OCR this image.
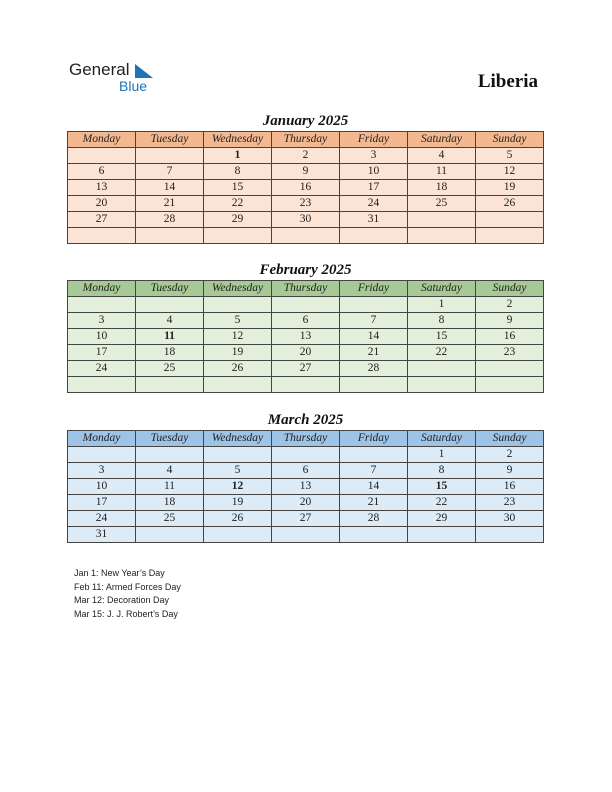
General
Blue	Liberia
January 2025
Monday	Tuesday	Wednesday	Thursday	Friday	Saturday	Sunday
		1	2	3	4	5
6	7	8	9	10	11	12
13	14	15	16	17	18	19
20	21	22	23	24	25	26
27	28	29	30	31		

February 2025
Monday	Tuesday	Wednesday	Thursday	Friday	Saturday	Sunday
					1	2
3	4	5	6	7	8	9
10	11	12	13	14	15	16
17	18	19	20	21	22	23
24	25	26	27	28		

March 2025
Monday	Tuesday	Wednesday	Thursday	Friday	Saturday	Sunday
					1	2
3	4	5	6	7	8	9
10	11	12	13	14	15	16
17	18	19	20	21	22	23
24	25	26	27	28	29	30
31						
Jan 1: New Year’s Day
Feb 11: Armed Forces Day
Mar 12: Decoration Day
Mar 15: J. J. Robert’s Day
